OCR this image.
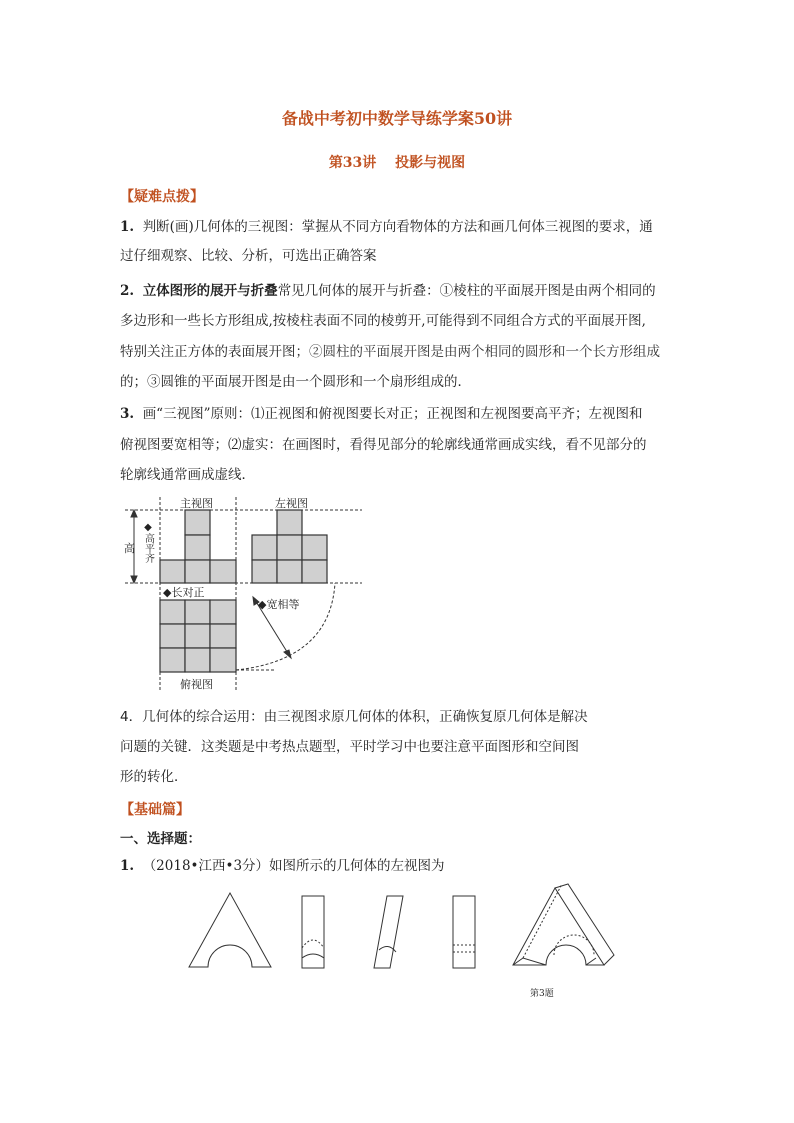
备战中考初中数学导练学案50讲
第33讲　 投影与视图
【疑难点拨】
1. 判断(画)几何体的三视图：掌握从不同方向看物体的方法和画几何体三视图的要求，通
过仔细观察、比较、分析，可选出正确答案
2. 立体图形的展开与折叠常见几何体的展开与折叠：①棱柱的平面展开图是由两个相同的
多边形和一些长方形组成,按棱柱表面不同的棱剪开,可能得到不同组合方式的平面展开图,
特别关注正方体的表面展开图；②圆柱的平面展开图是由两个相同的圆形和一个长方形组成
的；③圆锥的平面展开图是由一个圆形和一个扇形组成的．
3. 画“三视图”原则：⑴正视图和俯视图要长对正；正视图和左视图要高平齐；左视图和
俯视图要宽相等；⑵虚实：在画图时，看得见部分的轮廓线通常画成实线，看不见部分的
轮廓线通常画成虚线．
主视图	左视图
俯视图
高 ◆高平齐
◆长对正
◆宽相等
4．几何体的综合运用：由三视图求原几何体的体积，正确恢复原几何体是解决
问题的关键．这类题是中考热点题型，平时学习中也要注意平面图形和空间图
形的转化．
【基础篇】
一、选择题：
1. （2018•江西•3分）如图所示的几何体的左视图为
第3题
